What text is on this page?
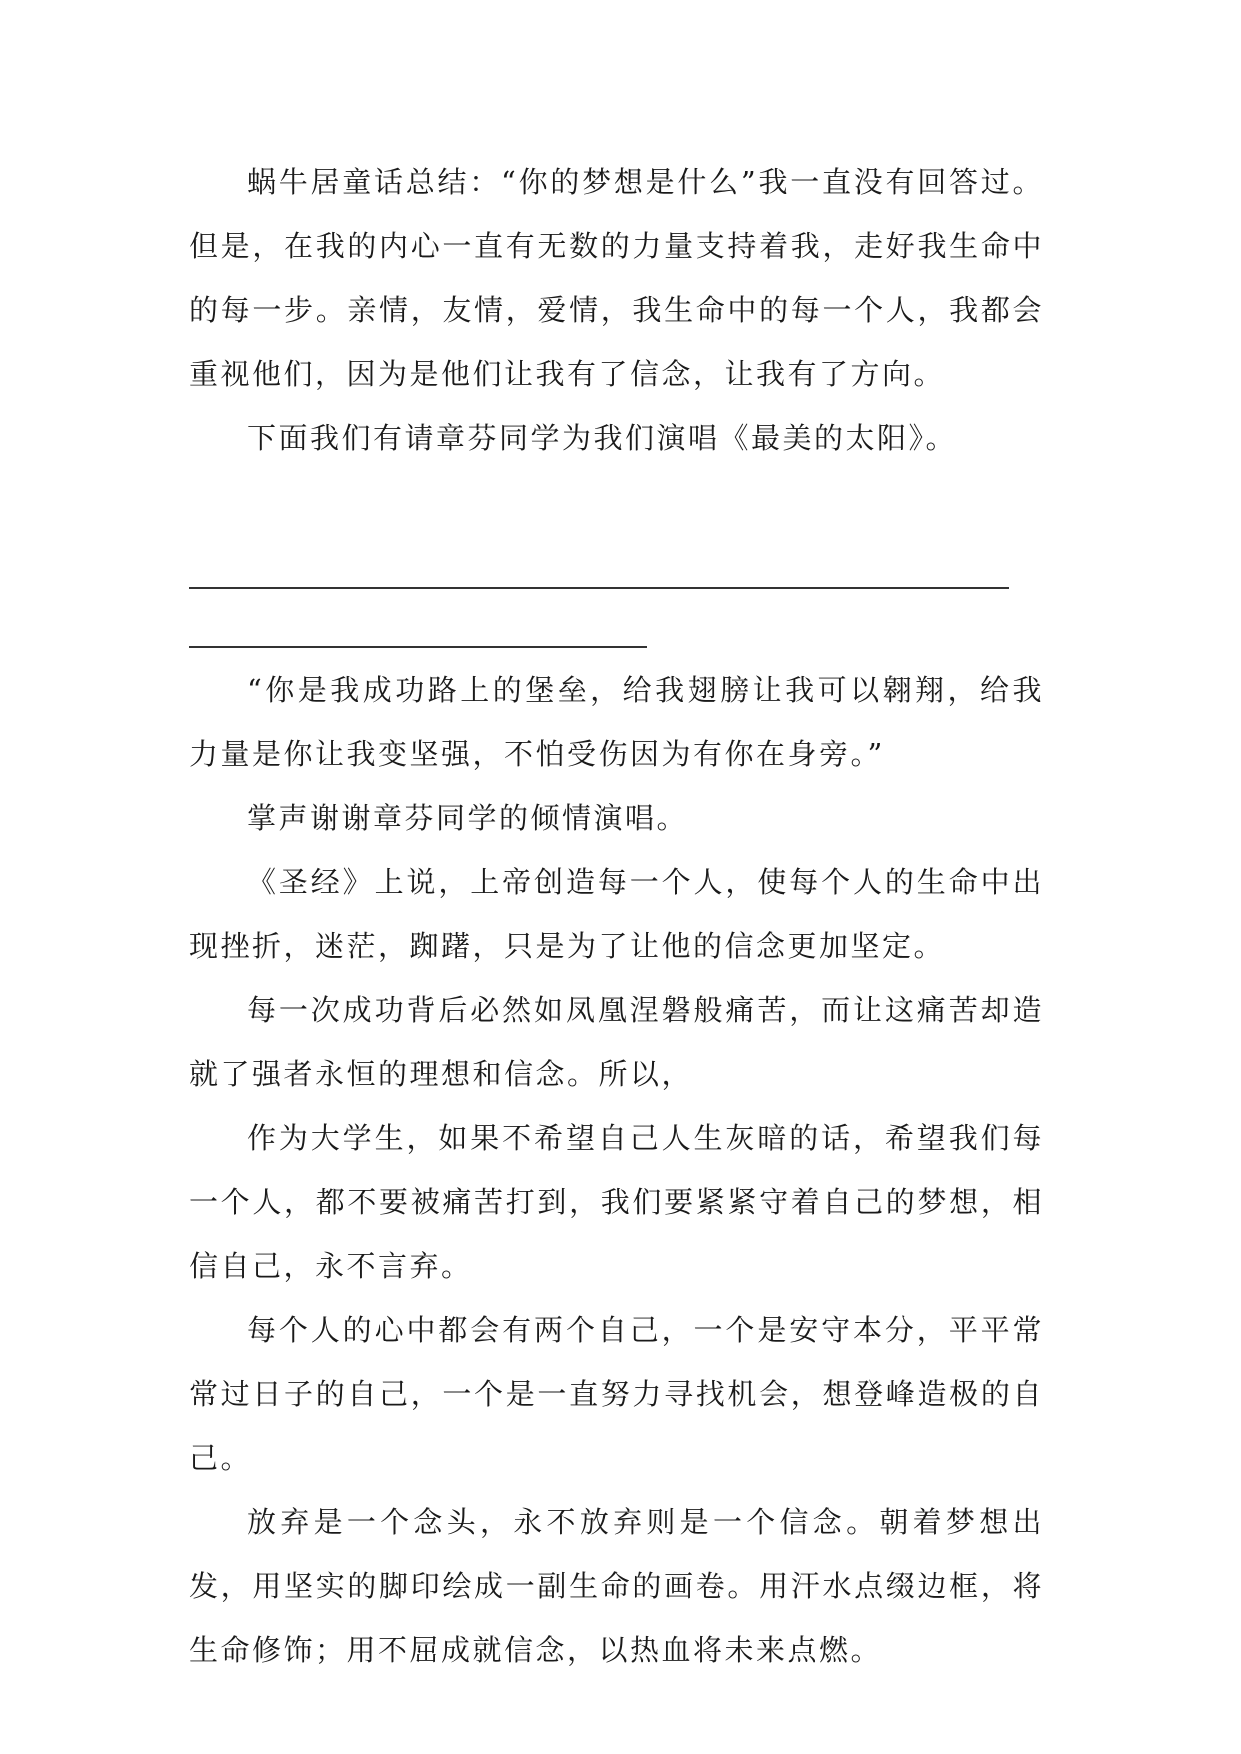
蜗牛居童话总结：“你的梦想是什么”我一直没有回答过。但是，在我的内心一直有无数的力量支持着我，走好我生命中的每一步。亲情，友情，爱情，我生命中的每一个人，我都会重视他们，因为是他们让我有了信念，让我有了方向。

下面我们有请章芬同学为我们演唱《最美的太阳》。

“你是我成功路上的堡垒，给我翅膀让我可以翱翔，给我力量是你让我变坚强，不怕受伤因为有你在身旁。”

掌声谢谢章芬同学的倾情演唱。

《圣经》上说，上帝创造每一个人，使每个人的生命中出现挫折，迷茫，踟躇，只是为了让他的信念更加坚定。

每一次成功背后必然如凤凰涅磐般痛苦，而让这痛苦却造就了强者永恒的理想和信念。所以，

作为大学生，如果不希望自己人生灰暗的话，希望我们每一个人，都不要被痛苦打到，我们要紧紧守着自己的梦想，相信自己，永不言弃。

每个人的心中都会有两个自己，一个是安守本分，平平常常过日子的自己，一个是一直努力寻找机会，想登峰造极的自己。

放弃是一个念头，永不放弃则是一个信念。朝着梦想出发，用坚实的脚印绘成一副生命的画卷。用汗水点缀边框，将生命修饰；用不屈成就信念，以热血将未来点燃。
